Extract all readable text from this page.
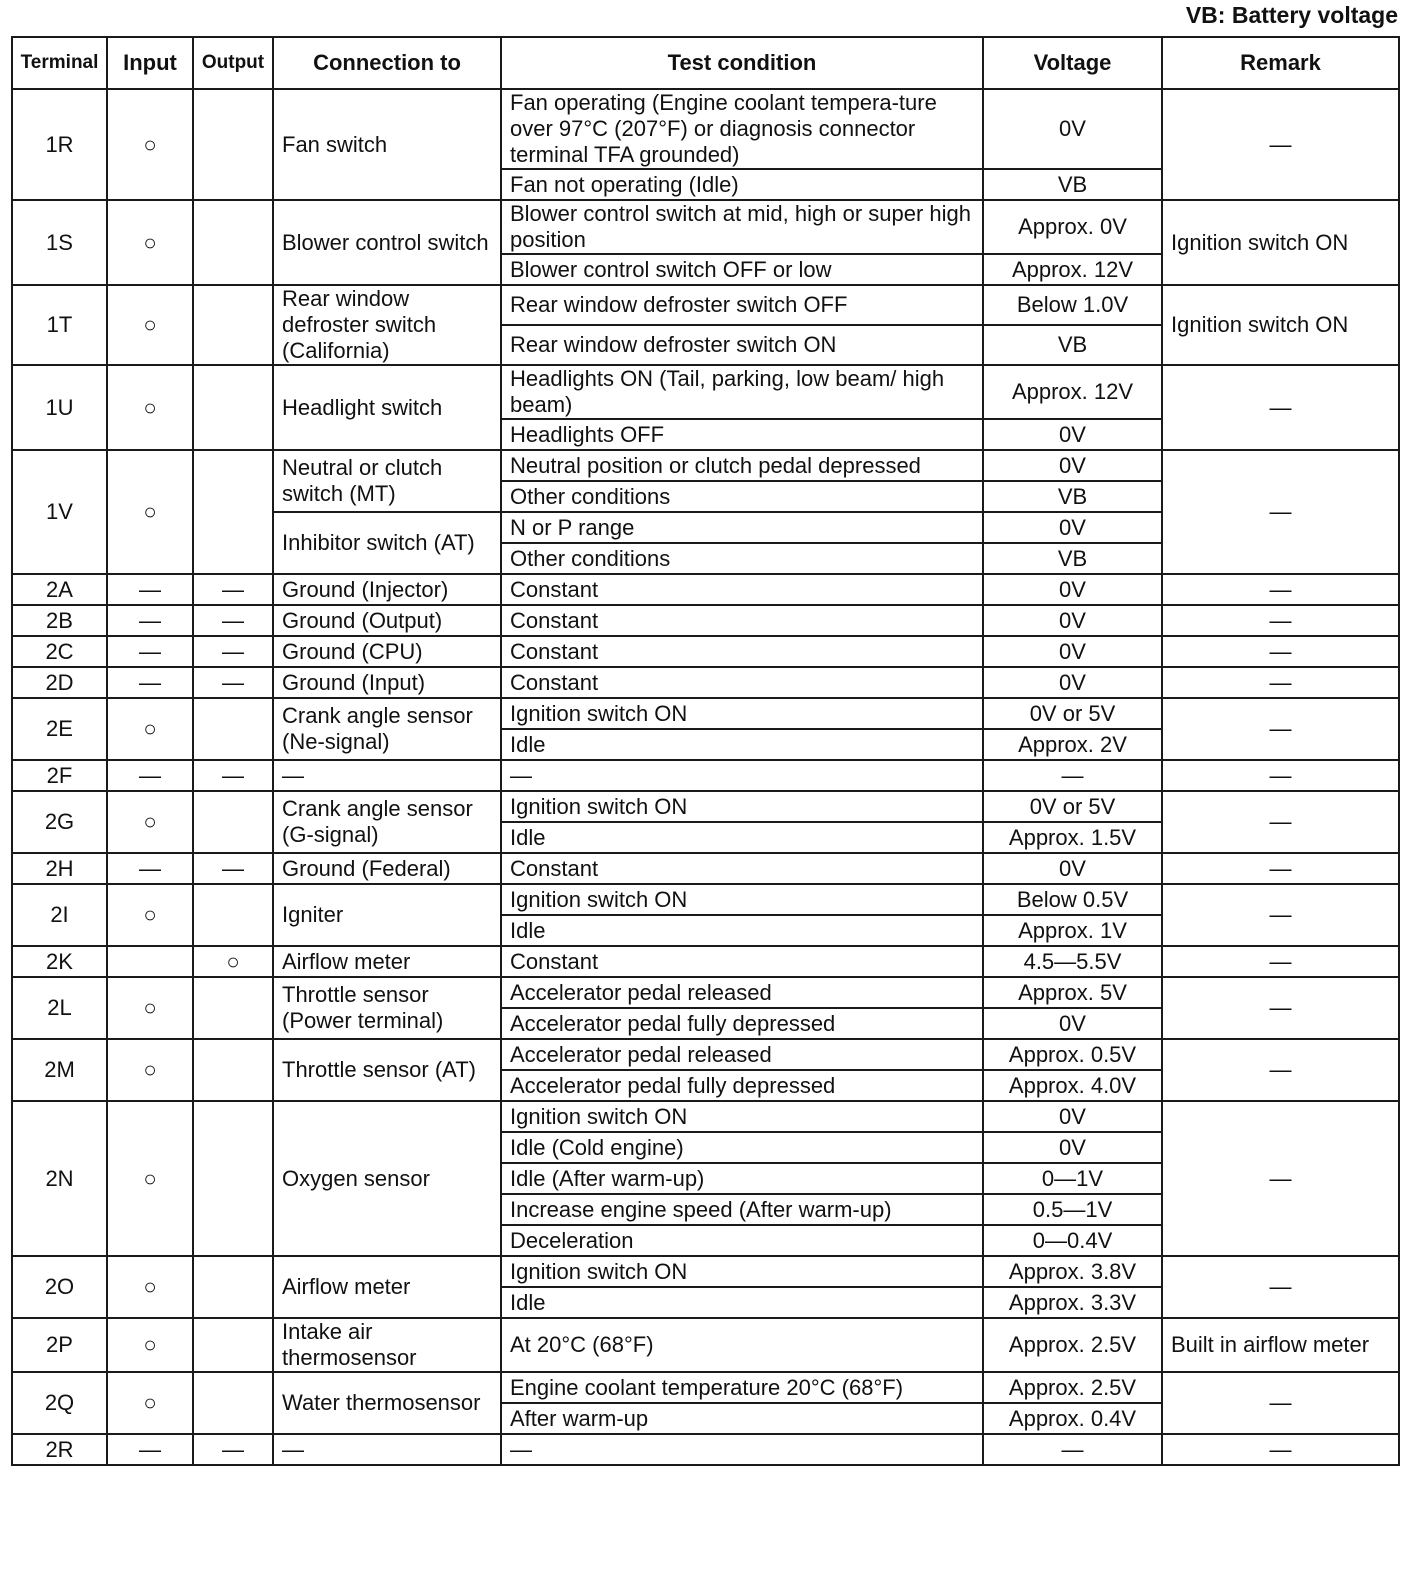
VB: Battery voltage
Terminal	Input	Output	Connection to	Test condition	Voltage	Remark
1R	○		Fan switch	Fan operating (Engine coolant tempera-ture over 97°C (207°F) or diagnosis connector terminal TFA grounded)	0V	—
				Fan not operating (Idle)	VB	
1S	○		Blower control switch	Blower control switch at mid, high or super high position	Approx. 0V	Ignition switch ON
				Blower control switch OFF or low	Approx. 12V	
1T	○		Rear window defroster switch (California)	Rear window defroster switch OFF	Below 1.0V	Ignition switch ON
				Rear window defroster switch ON	VB	
1U	○		Headlight switch	Headlights ON (Tail, parking, low beam/ high beam)	Approx. 12V	—
				Headlights OFF	0V	
1V	○		Neutral or clutch switch (MT)	Neutral position or clutch pedal depressed	0V	—
				Other conditions	VB	
			Inhibitor switch (AT)	N or P range	0V	
				Other conditions	VB	
2A	—	—	Ground (Injector)	Constant	0V	—
2B	—	—	Ground (Output)	Constant	0V	—
2C	—	—	Ground (CPU)	Constant	0V	—
2D	—	—	Ground (Input)	Constant	0V	—
2E	○		Crank angle sensor (Ne-signal)	Ignition switch ON	0V or 5V	—
				Idle	Approx. 2V	
2F	—	—	—	—	—	—
2G	○		Crank angle sensor (G-signal)	Ignition switch ON	0V or 5V	—
				Idle	Approx. 1.5V	
2H	—	—	Ground (Federal)	Constant	0V	—
2I	○		Igniter	Ignition switch ON	Below 0.5V	—
				Idle	Approx. 1V	
2K		○	Airflow meter	Constant	4.5—5.5V	—
2L	○		Throttle sensor (Power terminal)	Accelerator pedal released	Approx. 5V	—
				Accelerator pedal fully depressed	0V	
2M	○		Throttle sensor (AT)	Accelerator pedal released	Approx. 0.5V	—
				Accelerator pedal fully depressed	Approx. 4.0V	
2N	○		Oxygen sensor	Ignition switch ON	0V	—
				Idle (Cold engine)	0V	
				Idle (After warm-up)	0—1V	
				Increase engine speed (After warm-up)	0.5—1V	
				Deceleration	0—0.4V	
2O	○		Airflow meter	Ignition switch ON	Approx. 3.8V	—
				Idle	Approx. 3.3V	
2P	○		Intake air thermosensor	At 20°C (68°F)	Approx. 2.5V	Built in airflow meter
2Q	○		Water thermosensor	Engine coolant temperature 20°C (68°F)	Approx. 2.5V	—
				After warm-up	Approx. 0.4V	
2R	—	—	—	—	—	—
